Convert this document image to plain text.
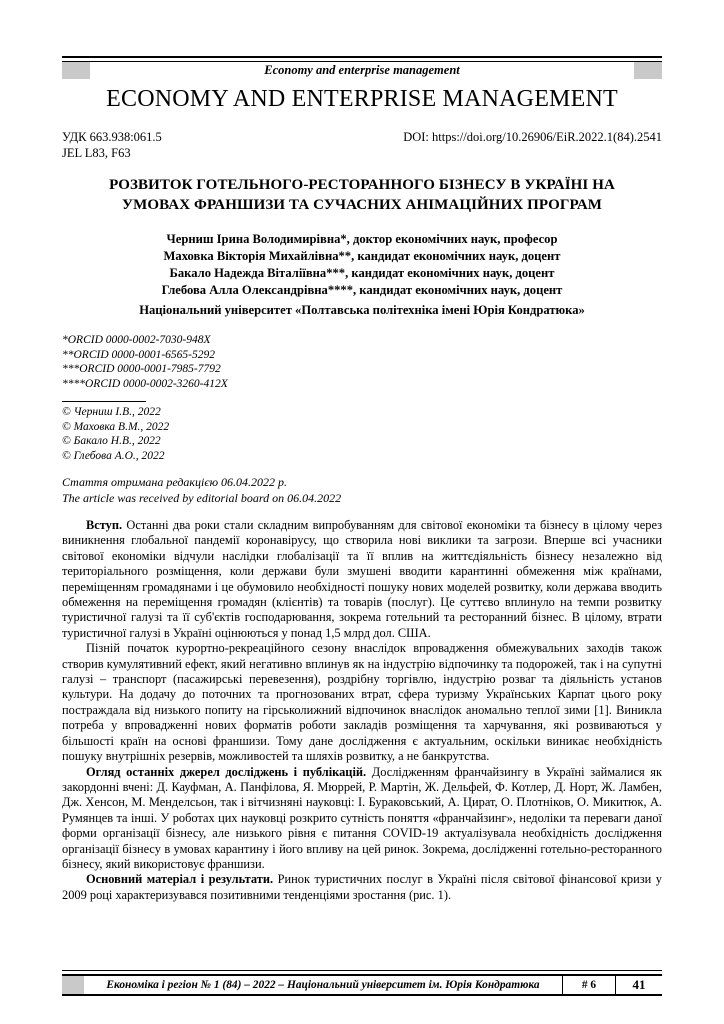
Economy and enterprise management
ECONOMY AND ENTERPRISE MANAGEMENT
УДК 663.938:061.5	DOI: https://doi.org/10.26906/EiR.2022.1(84).2541
JEL L83, F63
РОЗВИТОК ГОТЕЛЬНОГО-РЕСТОРАННОГО БІЗНЕСУ В УКРАЇНІ НА УМОВАХ ФРАНШИЗИ ТА СУЧАСНИХ АНІМАЦІЙНИХ ПРОГРАМ
Черниш Ірина Володимирівна*, доктор економічних наук, професор
Маховка Вікторія Михайлівна**, кандидат економічних наук, доцент
Бакало Надежда Віталіївна***, кандидат економічних наук, доцент
Глебова Алла Олександрівна****, кандидат економічних наук, доцент
Національний університет «Полтавська політехніка імені Юрія Кондратюка»
*ORCID 0000-0002-7030-948X
**ORCID 0000-0001-6565-5292
***ORCID 0000-0001-7985-7792
****ORCID 0000-0002-3260-412X
© Черниш І.В., 2022
© Маховка В.М., 2022
© Бакало Н.В., 2022
© Глебова А.О., 2022
Стаття отримана редакцією 06.04.2022 р.
The article was received by editorial board on 06.04.2022

Вступ. Останні два роки стали складним випробуванням для світової економіки та бізнесу в цілому через виникнення глобальної пандемії коронавірусу, що створила нові виклики та загрози. Вперше всі учасники світової економіки відчули наслідки глобалізації та її вплив на життєдіяльність бізнесу незалежно від територіального розміщення, коли держави були змушені вводити карантинні обмеження між країнами, переміщенням громадянами і це обумовило необхідності пошуку нових моделей розвитку, коли держава вводить обмеження на переміщення громадян (клієнтів) та товарів (послуг). Це суттєво вплинуло на темпи розвитку туристичної галузі та її суб'єктів господарювання, зокрема готельний та ресторанний бізнес. В цілому, втрати туристичної галузі в Україні оцінюються у понад 1,5 млрд дол. США.

Пізній початок курортно-рекреаційного сезону внаслідок впровадження обмежувальних заходів також створив кумулятивний ефект, який негативно вплинув як на індустрію відпочинку та подорожей, так і на супутні галузі – транспорт (пасажирські перевезення), роздрібну торгівлю, індустрію розваг та діяльність установ культури. На додачу до поточних та прогнозованих втрат, сфера туризму Українських Карпат цього року постраждала від низького попиту на гірськолижний відпочинок внаслідок аномально теплої зими [1]. Виникла потреба у впровадженні нових форматів роботи закладів розміщення та харчування, які розвиваються у більшості країн на основі франшизи. Тому дане дослідження є актуальним, оскільки виникає необхідність пошуку внутрішніх резервів, можливостей та шляхів розвитку, а не банкрутства.

Огляд останніх джерел досліджень і публікацій. Дослідженням франчайзингу в Україні займалися як закордонні вчені: Д. Кауфман, А. Панфілова, Я. Мюррей, Р. Мартін, Ж. Дельфей, Ф. Котлер, Д. Норт, Ж. Ламбен, Дж. Хенсон, М. Менделсьон, так і вітчизняні науковці: І. Бураковський, А. Цират, О. Плотніков, О. Микитюк, А. Румянцев та інші. У роботах цих науковці розкрито сутність поняття «франчайзинг», недоліки та переваги даної форми організації бізнесу, але низького рівня є питання COVID-19 актуалізувала необхідність дослідження організації бізнесу в умовах карантину і його впливу на цей ринок. Зокрема, дослідженні готельно-ресторанного бізнесу, який використовує франшизи.

Основний матеріал і результати. Ринок туристичних послуг в Україні після світової фінансової кризи у 2009 році характеризувався позитивними тенденціями зростання (рис. 1).

Економіка і регіон № 1 (84) – 2022 – Національний університет ім. Юрія Кондратюка	# 6	41
